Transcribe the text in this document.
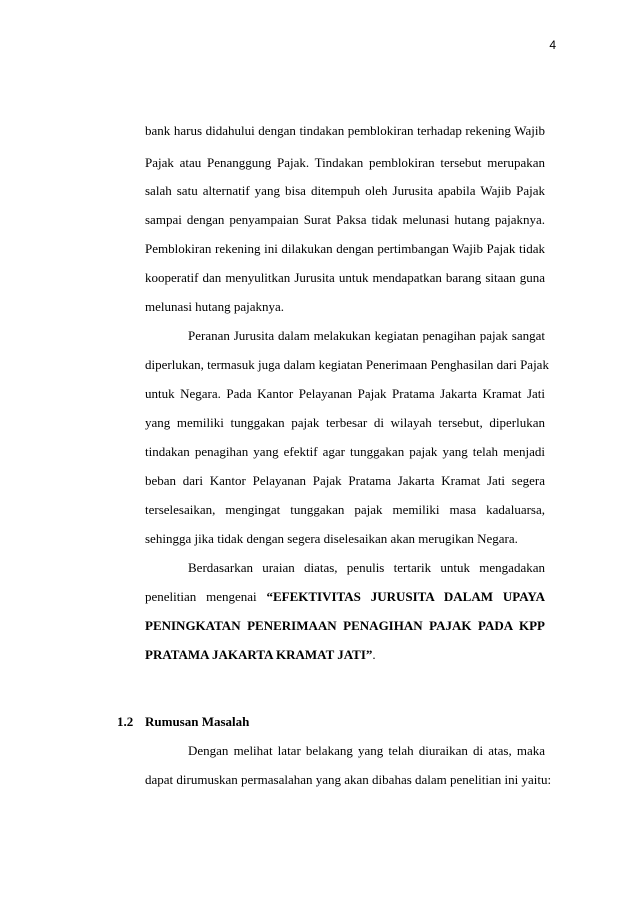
4
bank harus didahului dengan tindakan pemblokiran terhadap rekening Wajib
Pajak atau Penanggung Pajak. Tindakan pemblokiran tersebut merupakan
salah satu alternatif yang bisa ditempuh oleh Jurusita apabila Wajib Pajak
sampai dengan penyampaian Surat Paksa tidak melunasi hutang pajaknya.
Pemblokiran rekening ini dilakukan dengan pertimbangan Wajib Pajak tidak
kooperatif dan menyulitkan Jurusita untuk mendapatkan barang sitaan guna
melunasi hutang pajaknya.
Peranan Jurusita dalam melakukan kegiatan penagihan pajak sangat
diperlukan, termasuk juga dalam kegiatan Penerimaan Penghasilan dari Pajak
untuk Negara. Pada Kantor Pelayanan Pajak Pratama Jakarta Kramat Jati
yang memiliki tunggakan pajak terbesar di wilayah tersebut, diperlukan
tindakan penagihan yang efektif agar tunggakan pajak yang telah menjadi
beban dari Kantor Pelayanan Pajak Pratama Jakarta Kramat Jati segera
terselesaikan, mengingat tunggakan pajak memiliki masa kadaluarsa,
sehingga jika tidak dengan segera diselesaikan akan merugikan Negara.
Berdasarkan uraian diatas, penulis tertarik untuk mengadakan
penelitian mengenai “EFEKTIVITAS JURUSITA DALAM UPAYA
PENINGKATAN PENERIMAAN PENAGIHAN PAJAK PADA KPP
PRATAMA JAKARTA KRAMAT JATI”.
1.2 Rumusan Masalah
Dengan melihat latar belakang yang telah diuraikan di atas, maka
dapat dirumuskan permasalahan yang akan dibahas dalam penelitian ini yaitu:
